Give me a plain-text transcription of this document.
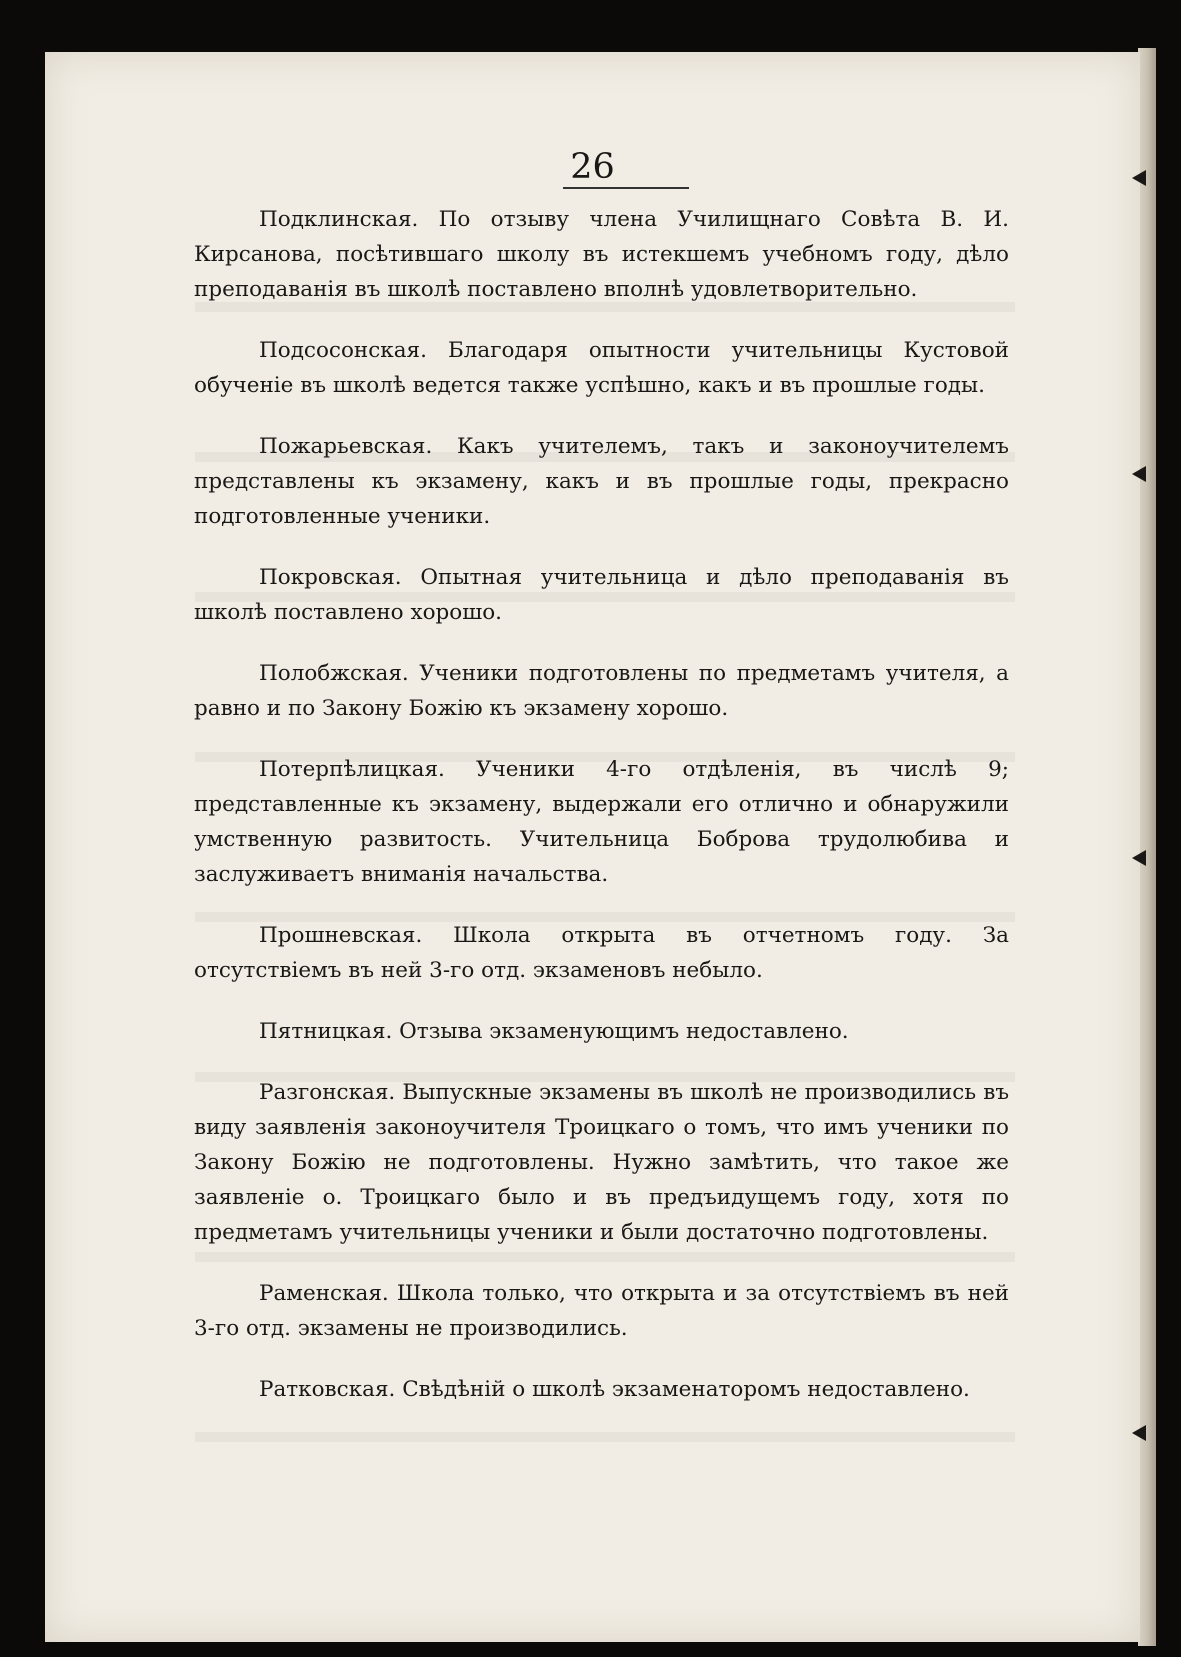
26

Подклинская. По отзыву члена Училищнаго Совѣта В. И. Кирсанова, посѣтившаго школу въ истекшемъ учебномъ году, дѣло преподаванія въ школѣ поставлено вполнѣ удовлетворительно.

Подсосонская. Благодаря опытности учительницы Кустовой обученіе въ школѣ ведется также успѣшно, какъ и въ прошлые годы.

Пожарьевская. Какъ учителемъ, такъ и законоучителемъ представлены къ экзамену, какъ и въ прошлые годы, прекрасно подготовленные ученики.

Покровская. Опытная учительница и дѣло преподаванія въ школѣ поставлено хорошо.

Полобжская. Ученики подготовлены по предметамъ учителя, а равно и по Закону Божію къ экзамену хорошо.

Потерпѣлицкая. Ученики 4-го отдѣленія, въ числѣ 9; представленные къ экзамену, выдержали его отлично и обнаружили умственную развитость. Учительница Боброва трудолюбива и заслуживаетъ вниманія начальства.

Прошневская. Школа открыта въ отчетномъ году. За отсутствіемъ въ ней 3-го отд. экзаменовъ небыло.

Пятницкая. Отзыва экзаменующимъ недоставлено.

Разгонская. Выпускные экзамены въ школѣ не производились въ виду заявленія законоучителя Троицкаго о томъ, что имъ ученики по Закону Божію не подготовлены. Нужно замѣтить, что такое же заявленіе о. Троицкаго было и въ предъидущемъ году, хотя по предметамъ учительницы ученики и были достаточно подготовлены.

Раменская. Школа только, что открыта и за отсутствіемъ въ ней 3-го отд. экзамены не производились.

Ратковская. Свѣдѣній о школѣ экзаменаторомъ недоставлено.
